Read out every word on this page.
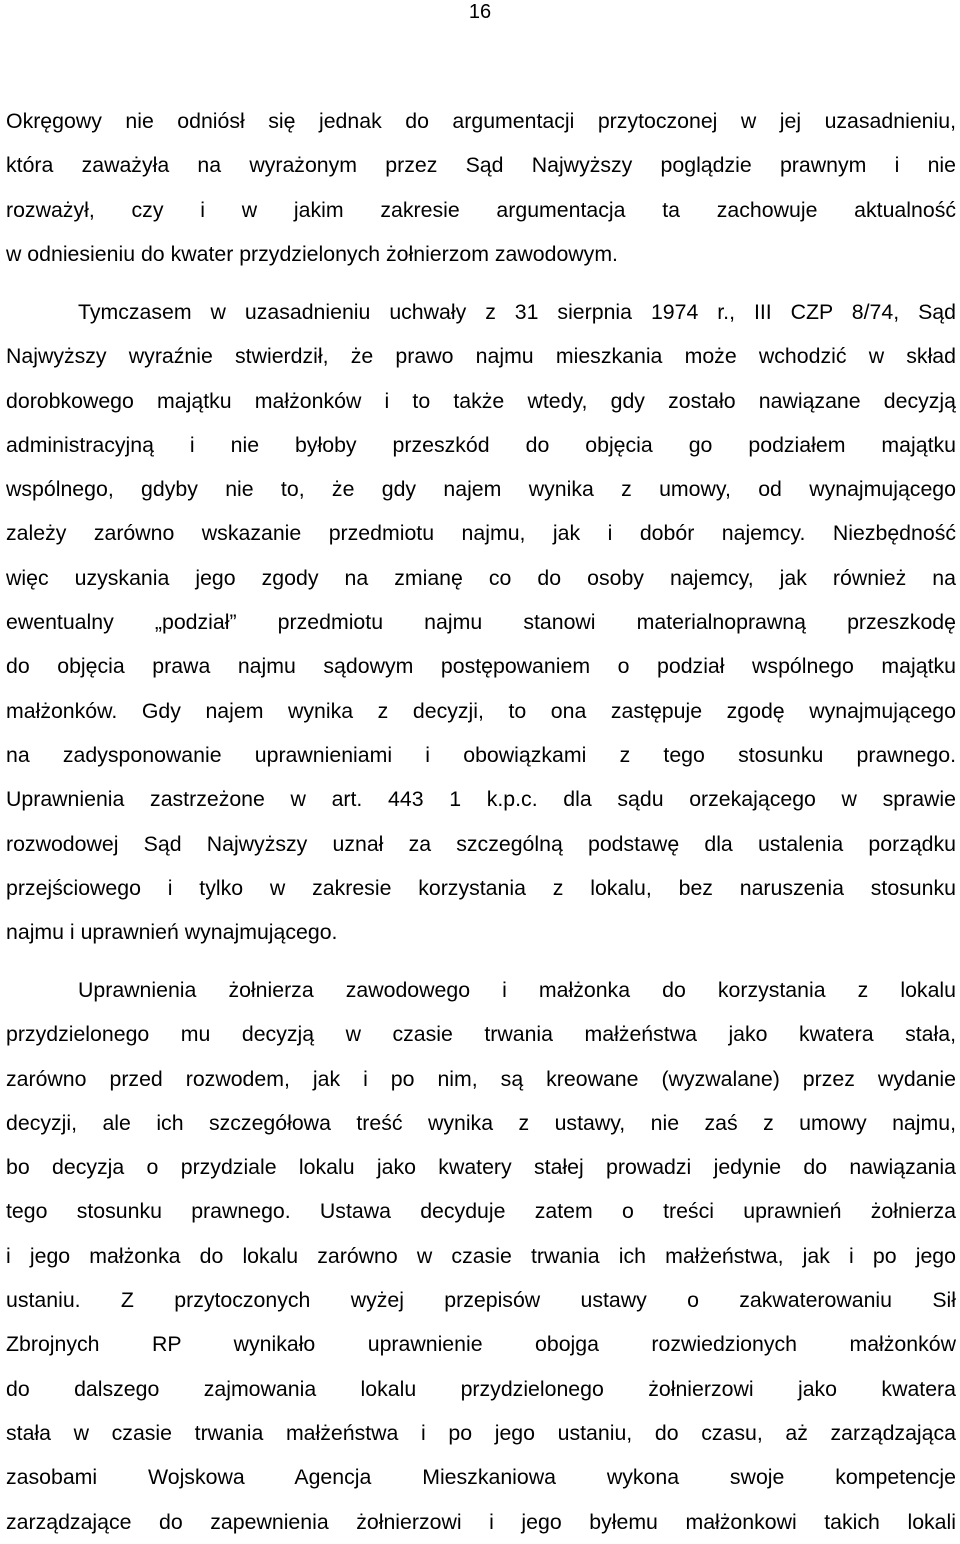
16
Okręgowy nie odniósł się jednak do argumentacji przytoczonej w jej uzasadnieniu,
która zaważyła na wyrażonym przez Sąd Najwyższy poglądzie prawnym i nie
rozważył, czy i w jakim zakresie argumentacja ta zachowuje aktualność
w odniesieniu do kwater przydzielonych żołnierzom zawodowym.
Tymczasem w uzasadnieniu uchwały z 31 sierpnia 1974 r., III CZP 8/74, Sąd
Najwyższy wyraźnie stwierdził, że prawo najmu mieszkania może wchodzić w skład
dorobkowego majątku małżonków i to także wtedy, gdy zostało nawiązane decyzją
administracyjną i nie byłoby przeszkód do objęcia go podziałem majątku
wspólnego, gdyby nie to, że gdy najem wynika z umowy, od wynajmującego
zależy zarówno wskazanie przedmiotu najmu, jak i dobór najemcy. Niezbędność
więc uzyskania jego zgody na zmianę co do osoby najemcy, jak również na
ewentualny „podział” przedmiotu najmu stanowi materialnoprawną przeszkodę
do objęcia prawa najmu sądowym postępowaniem o podział wspólnego majątku
małżonków. Gdy najem wynika z decyzji, to ona zastępuje zgodę wynajmującego
na zadysponowanie uprawnieniami i obowiązkami z tego stosunku prawnego.
Uprawnienia zastrzeżone w art. 443 1 k.p.c. dla sądu orzekającego w sprawie
rozwodowej Sąd Najwyższy uznał za szczególną podstawę dla ustalenia porządku
przejściowego i tylko w zakresie korzystania z lokalu, bez naruszenia stosunku
najmu i uprawnień wynajmującego.
Uprawnienia żołnierza zawodowego i małżonka do korzystania z lokalu
przydzielonego mu decyzją w czasie trwania małżeństwa jako kwatera stała,
zarówno przed rozwodem, jak i po nim, są kreowane (wyzwalane) przez wydanie
decyzji, ale ich szczegółowa treść wynika z ustawy, nie zaś z umowy najmu,
bo decyzja o przydziale lokalu jako kwatery stałej prowadzi jedynie do nawiązania
tego stosunku prawnego. Ustawa decyduje zatem o treści uprawnień żołnierza
i jego małżonka do lokalu zarówno w czasie trwania ich małżeństwa, jak i po jego
ustaniu. Z przytoczonych wyżej przepisów ustawy o zakwaterowaniu Sił
Zbrojnych RP wynikało uprawnienie obojga rozwiedzionych małżonków
do dalszego zajmowania lokalu przydzielonego żołnierzowi jako kwatera
stała w czasie trwania małżeństwa i po jego ustaniu, do czasu, aż zarządzająca
zasobami Wojskowa Agencja Mieszkaniowa wykona swoje kompetencje
zarządzające do zapewnienia żołnierzowi i jego byłemu małżonkowi takich lokali
